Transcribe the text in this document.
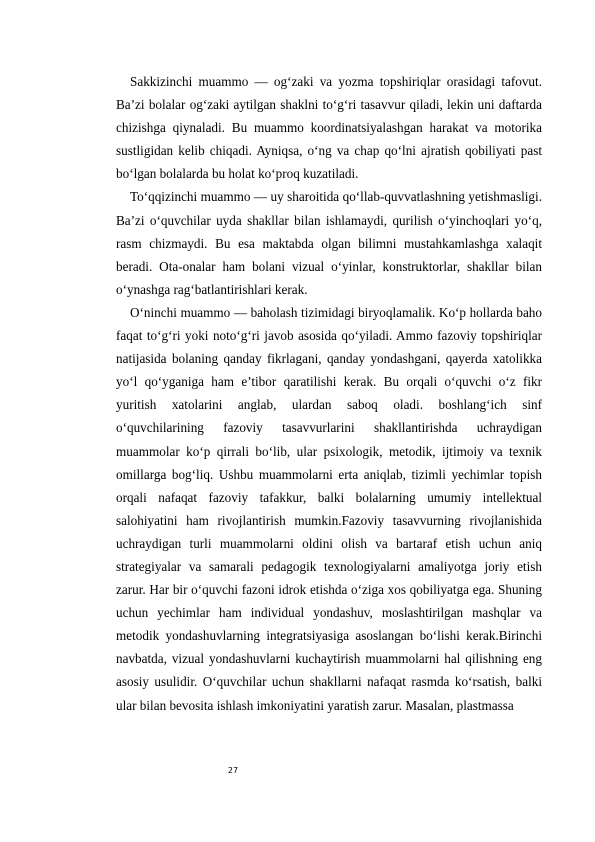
Sakkizinchi muammo — og‘zaki va yozma topshiriqlar orasidagi tafovut. Ba’zi bolalar og‘zaki aytilgan shaklni to‘g‘ri tasavvur qiladi, lekin uni daftarda chizishga qiynaladi. Bu muammo koordinatsiyalashgan harakat va motorika sustligidan kelib chiqadi. Ayniqsa, o‘ng va chap qo‘lni ajratish qobiliyati past bo‘lgan bolalarda bu holat ko‘proq kuzatiladi.

To‘qqizinchi muammo — uy sharoitida qo‘llab-quvvatlashning yetishmasligi. Ba’zi o‘quvchilar uyda shakllar bilan ishlamaydi, qurilish o‘yinchoqlari yo‘q, rasm chizmaydi. Bu esa maktabda olgan bilimni mustahkamlashga xalaqit beradi. Ota-onalar ham bolani vizual o‘yinlar, konstruktorlar, shakllar bilan o‘ynashga rag‘batlantirishlari kerak.

O‘ninchi muammo — baholash tizimidagi biryoqlamalik. Ko‘p hollarda baho faqat to‘g‘ri yoki noto‘g‘ri javob asosida qo‘yiladi. Ammo fazoviy topshiriqlar natijasida bolaning qanday fikrlagani, qanday yondashgani, qayerda xatolikka yo‘l qo‘yganiga ham e’tibor qaratilishi kerak. Bu orqali o‘quvchi o‘z fikr yuritish xatolarini anglab, ulardan saboq oladi. boshlang‘ich sinf o‘quvchilarining fazoviy tasavvurlarini shakllantirishda uchraydigan muammolar ko‘p qirrali bo‘lib, ular psixologik, metodik, ijtimoiy va texnik omillarga bog‘liq. Ushbu muammolarni erta aniqlab, tizimli yechimlar topish orqali nafaqat fazoviy tafakkur, balki bolalarning umumiy intellektual salohiyatini ham rivojlantirish mumkin.Fazoviy tasavvurning rivojlanishida uchraydigan turli muammolarni oldini olish va bartaraf etish uchun aniq strategiyalar va samarali pedagogik texnologiyalarni amaliyotga joriy etish zarur. Har bir o‘quvchi fazoni idrok etishda o‘ziga xos qobiliyatga ega. Shuning uchun yechimlar ham individual yondashuv, moslashtirilgan mashqlar va metodik yondashuvlarning integratsiyasiga asoslangan bo‘lishi kerak.Birinchi navbatda, vizual yondashuvlarni kuchaytirish muammolarni hal qilishning eng asosiy usulidir. O‘quvchilar uchun shakllarni nafaqat rasmda ko‘rsatish, balki ular bilan bevosita ishlash imkoniyatini yaratish zarur. Masalan, plastmassa

27
